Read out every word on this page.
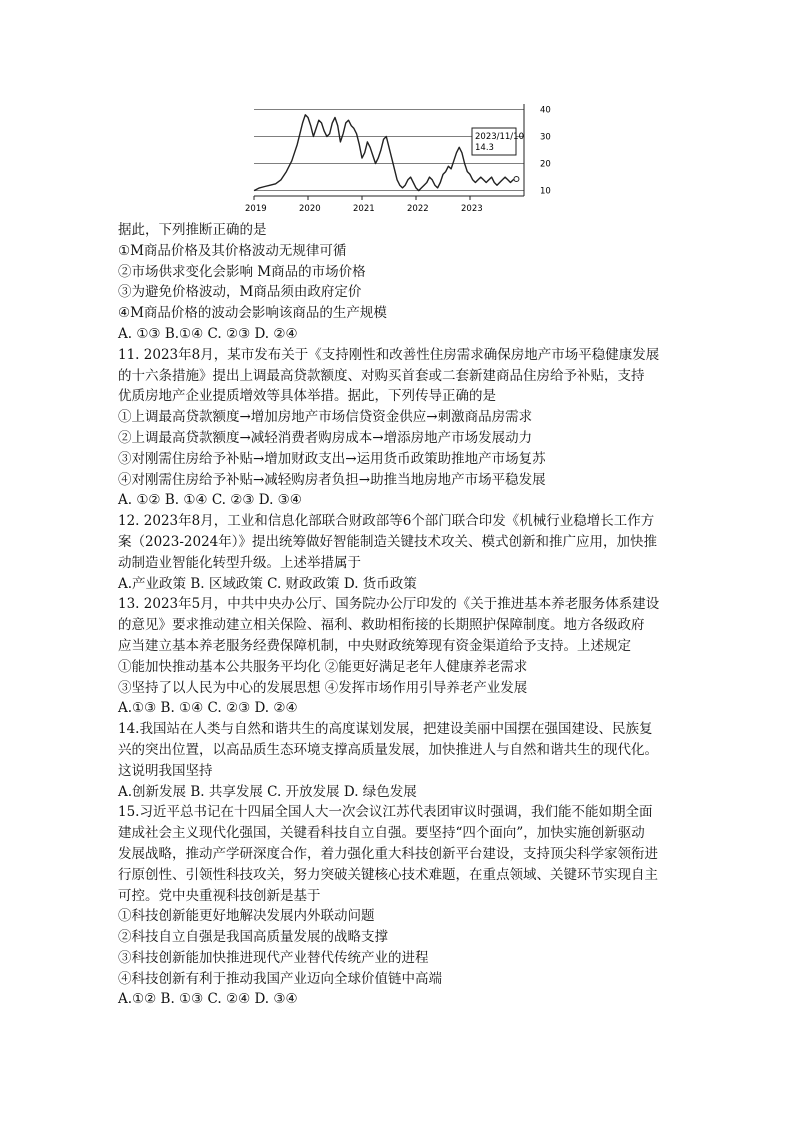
10
20
30
40
2019	2020	2021	2022	2023
2023/11/10
14.3
据此，下列推断正确的是
①M商品价格及其价格波动无规律可循
②市场供求变化会影响 M商品的市场价格
③为避免价格波动，M商品须由政府定价
④M商品价格的波动会影响该商品的生产规模
A. ①③ B.①④ C. ②③ D. ②④
11. 2023年8月，某市发布关于《支持刚性和改善性住房需求确保房地产市场平稳健康发展
的十六条措施》提出上调最高贷款额度、对购买首套或二套新建商品住房给予补贴，支持
优质房地产企业提质增效等具体举措。据此，下列传导正确的是
①上调最高贷款额度→增加房地产市场信贷资金供应→刺激商品房需求
②上调最高贷款额度→减轻消费者购房成本→增添房地产市场发展动力
③对刚需住房给予补贴→增加财政支出→运用货币政策助推地产市场复苏
④对刚需住房给予补贴→减轻购房者负担→助推当地房地产市场平稳发展
A. ①② B. ①④ C. ②③ D. ③④
12. 2023年8月，工业和信息化部联合财政部等6个部门联合印发《机械行业稳增长工作方
案（2023-2024年）》提出统筹做好智能制造关键技术攻关、模式创新和推广应用，加快推
动制造业智能化转型升级。上述举措属于
A.产业政策 B. 区域政策 C. 财政政策 D. 货币政策
13. 2023年5月，中共中央办公厅、国务院办公厅印发的《关于推进基本养老服务体系建设
的意见》要求推动建立相关保险、福利、救助相衔接的长期照护保障制度。地方各级政府
应当建立基本养老服务经费保障机制，中央财政统筹现有资金渠道给予支持。上述规定
①能加快推动基本公共服务平均化 ②能更好满足老年人健康养老需求
③坚持了以人民为中心的发展思想 ④发挥市场作用引导养老产业发展
A.①③ B. ①④ C. ②③ D. ②④
14.我国站在人类与自然和谐共生的高度谋划发展，把建设美丽中国摆在强国建设、民族复
兴的突出位置，以高品质生态环境支撑高质量发展，加快推进人与自然和谐共生的现代化。
这说明我国坚持
A.创新发展 B. 共享发展 C. 开放发展 D. 绿色发展
15.习近平总书记在十四届全国人大一次会议江苏代表团审议时强调，我们能不能如期全面
建成社会主义现代化强国，关键看科技自立自强。要坚持“四个面向”，加快实施创新驱动
发展战略，推动产学研深度合作，着力强化重大科技创新平台建设，支持顶尖科学家领衔进
行原创性、引领性科技攻关，努力突破关键核心技术难题，在重点领域、关键环节实现自主
可控。党中央重视科技创新是基于
①科技创新能更好地解决发展内外联动问题
②科技自立自强是我国高质量发展的战略支撑
③科技创新能加快推进现代产业替代传统产业的进程
④科技创新有利于推动我国产业迈向全球价值链中高端
A.①② B. ①③ C. ②④ D. ③④
